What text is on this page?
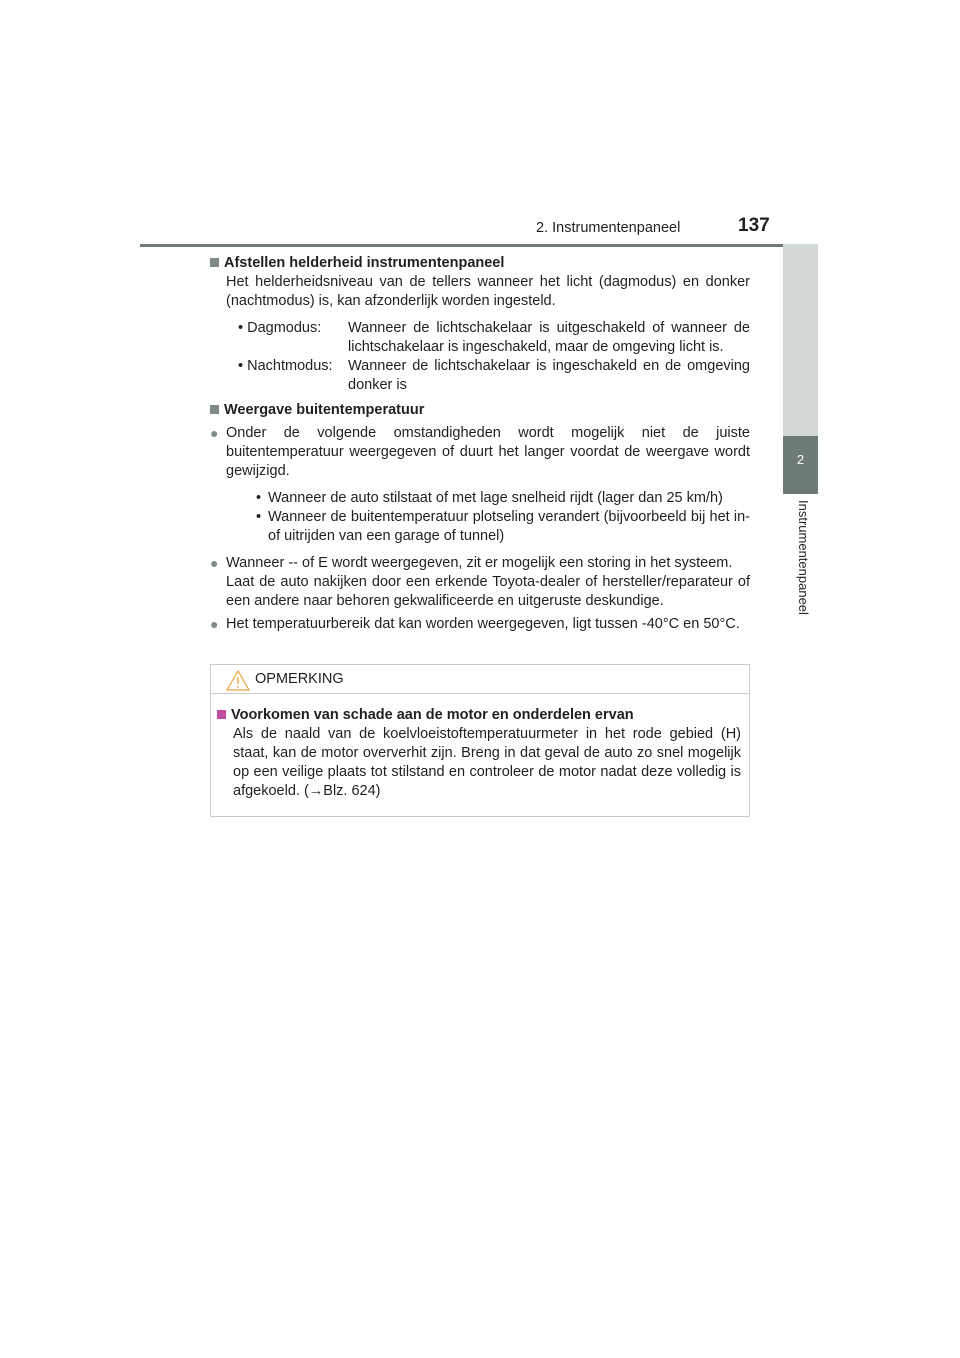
2. Instrumentenpaneel	137
2
Instrumentenpaneel

Afstellen helderheid instrumentenpaneel

Het helderheidsniveau van de tellers wanneer het licht (dagmodus) en donker (nachtmodus) is, kan afzonderlijk worden ingesteld.

• Dagmodus:	Wanneer de lichtschakelaar is uitgeschakeld of wanneer de lichtschakelaar is ingeschakeld, maar de omgeving licht is.
• Nachtmodus:	Wanneer de lichtschakelaar is ingeschakeld en de omgeving donker is

Weergave buitentemperatuur

● Onder de volgende omstandigheden wordt mogelijk niet de juiste buitentemperatuur weergegeven of duurt het langer voordat de weergave wordt gewijzigd.
• Wanneer de auto stilstaat of met lage snelheid rijdt (lager dan 25 km/h)
• Wanneer de buitentemperatuur plotseling verandert (bijvoorbeeld bij het in- of uitrijden van een garage of tunnel)
● Wanneer -- of E wordt weergegeven, zit er mogelijk een storing in het systeem.
Laat de auto nakijken door een erkende Toyota-dealer of hersteller/reparateur of een andere naar behoren gekwalificeerde en uitgeruste deskundige.
● Het temperatuurbereik dat kan worden weergegeven, ligt tussen -40°C en 50°C.
OPMERKING

Voorkomen van schade aan de motor en onderdelen ervan

Als de naald van de koelvloeistoftemperatuurmeter in het rode gebied (H) staat, kan de motor oververhit zijn. Breng in dat geval de auto zo snel mogelijk op een veilige plaats tot stilstand en controleer de motor nadat deze volledig is afgekoeld. (→Blz. 624)
